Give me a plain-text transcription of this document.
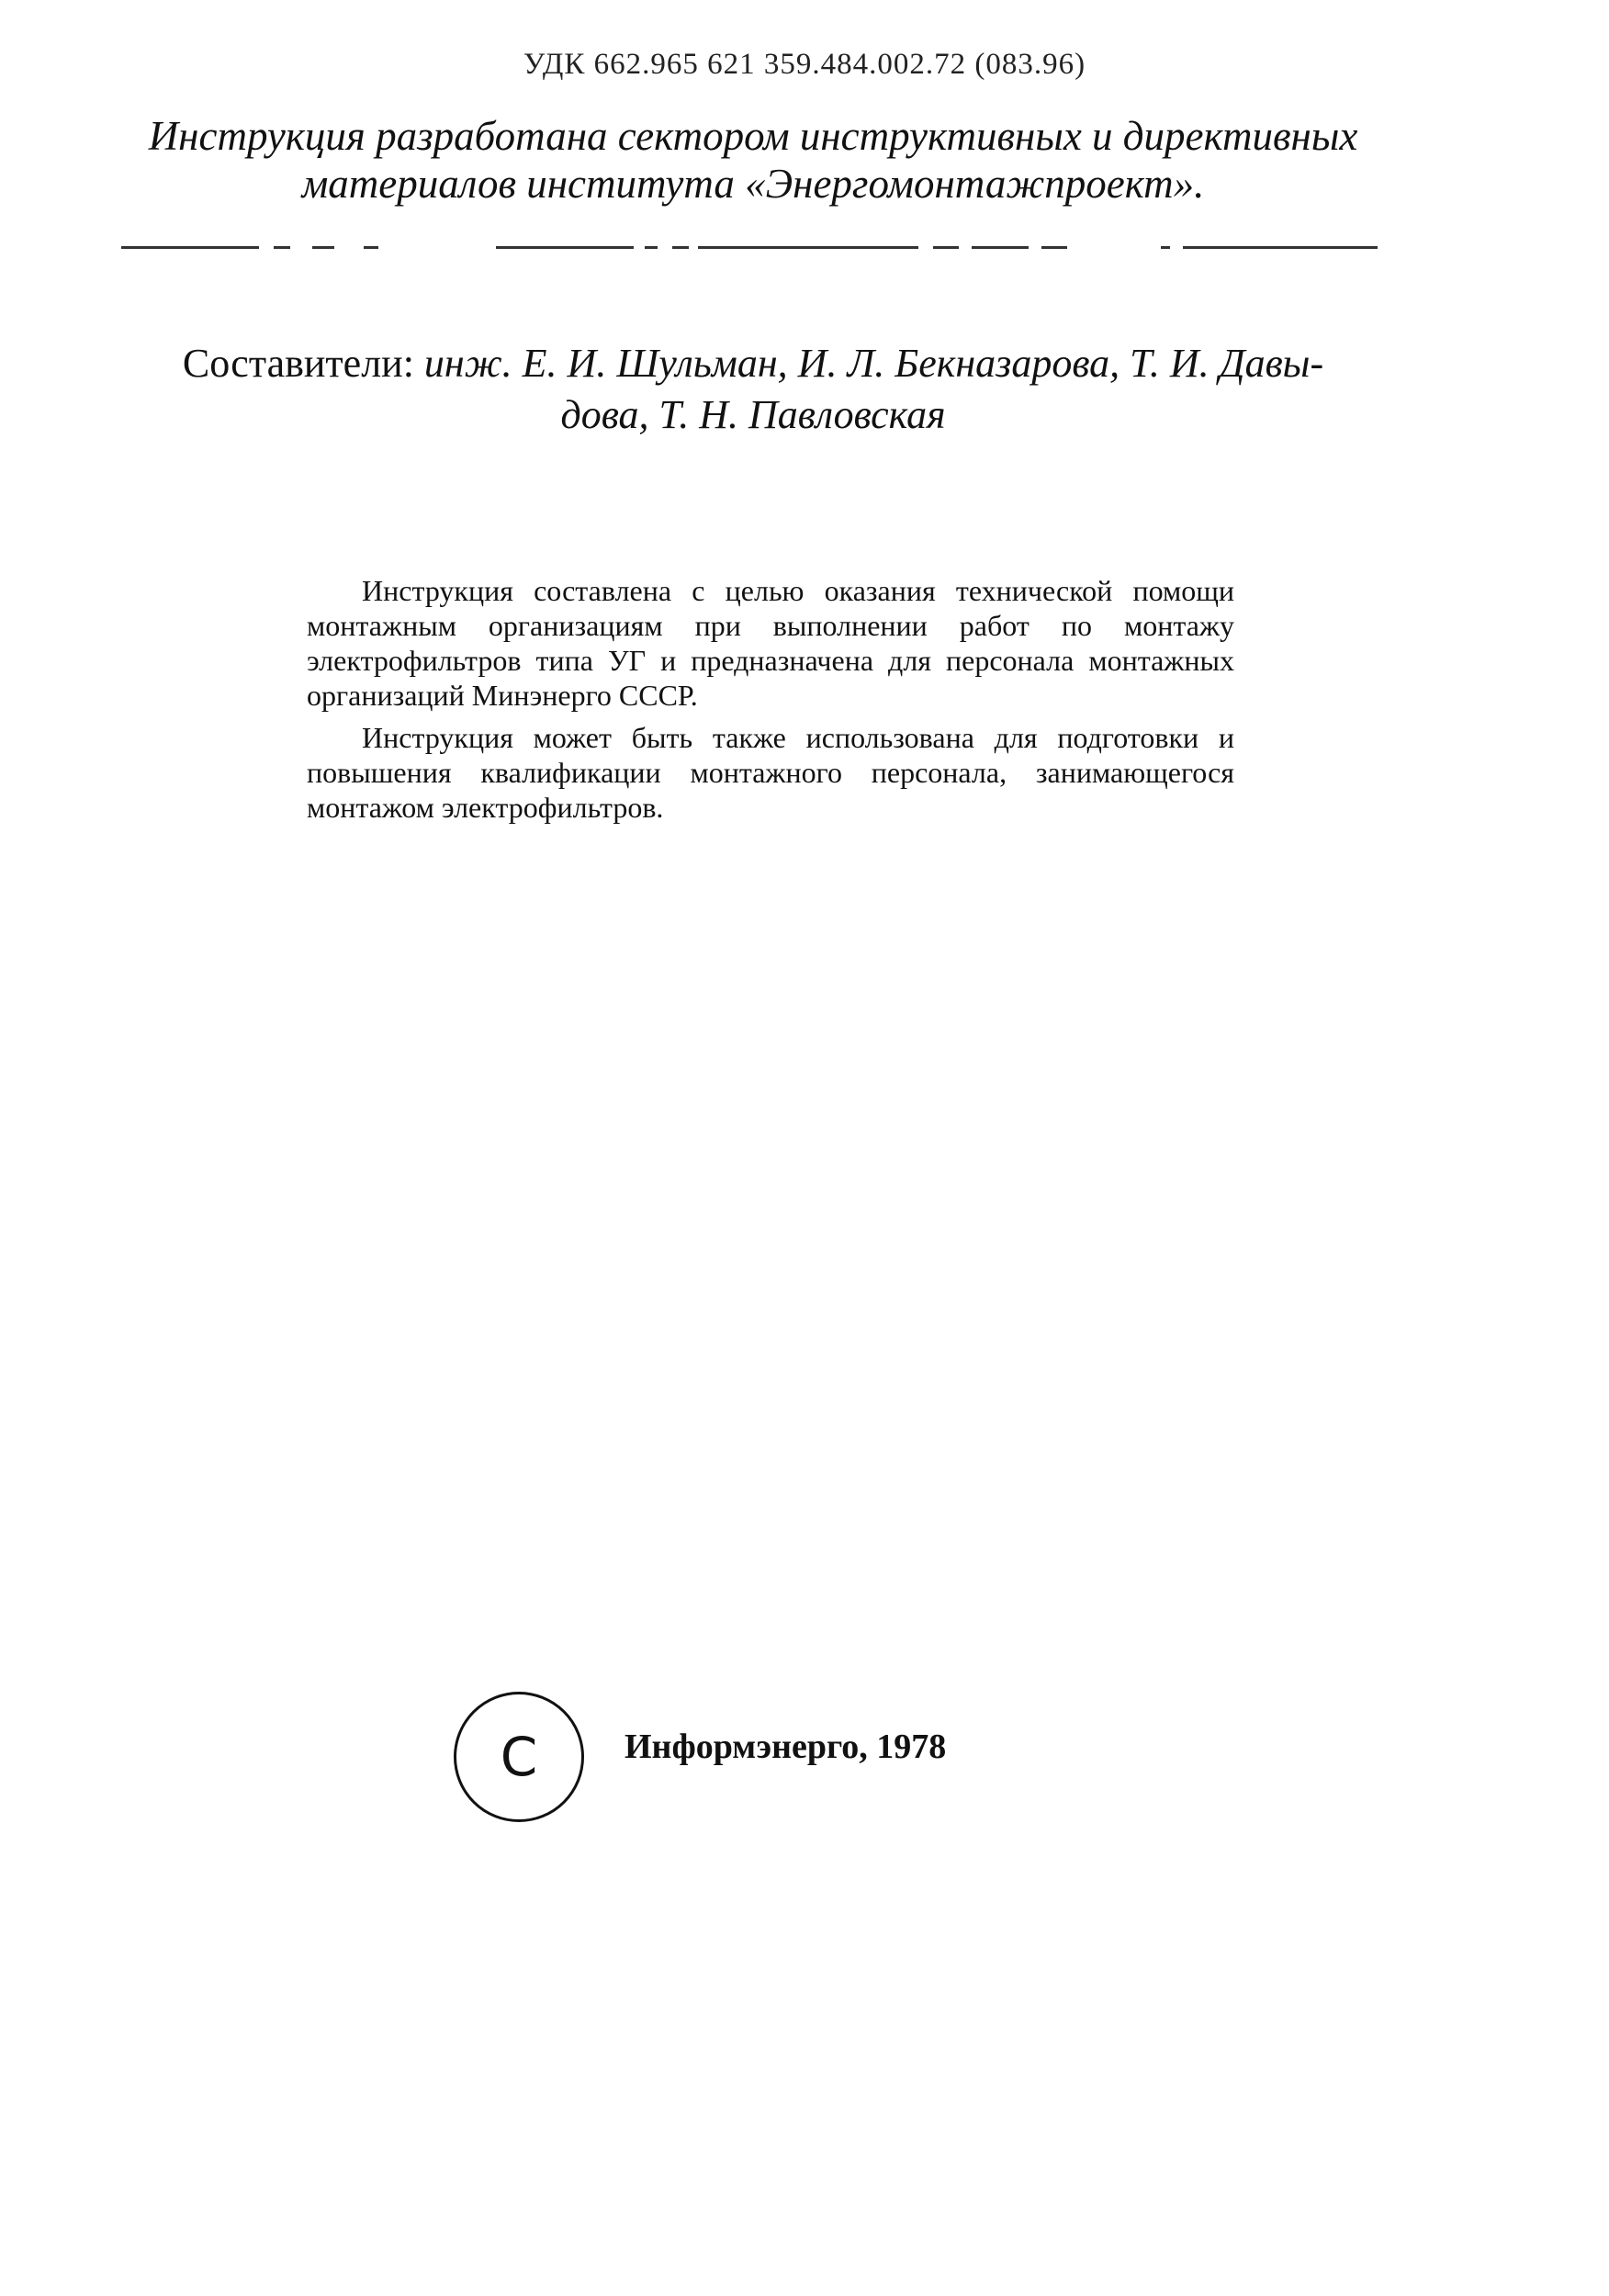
УДК 662.965 621 359.484.002.72 (083.96)
Инструкция разработана сектором инструктивных и директивных
материалов института «Энергомонтажпроект».
Составители: инж. Е. И. Шульман, И. Л. Бекназарова, Т. И. Давы-
дова, Т. Н. Павловская

Инструкция составлена с целью оказания технической помощи монтажным организациям при выполнении работ по монтажу электрофильтров типа УГ и предназначена для персонала монтажных организаций Минэнерго СССР.

Инструкция может быть также использована для подготовки и повышения квалификации монтажного персонала, занимающегося монтажом электрофильтров.

C Информэнерго, 1978
